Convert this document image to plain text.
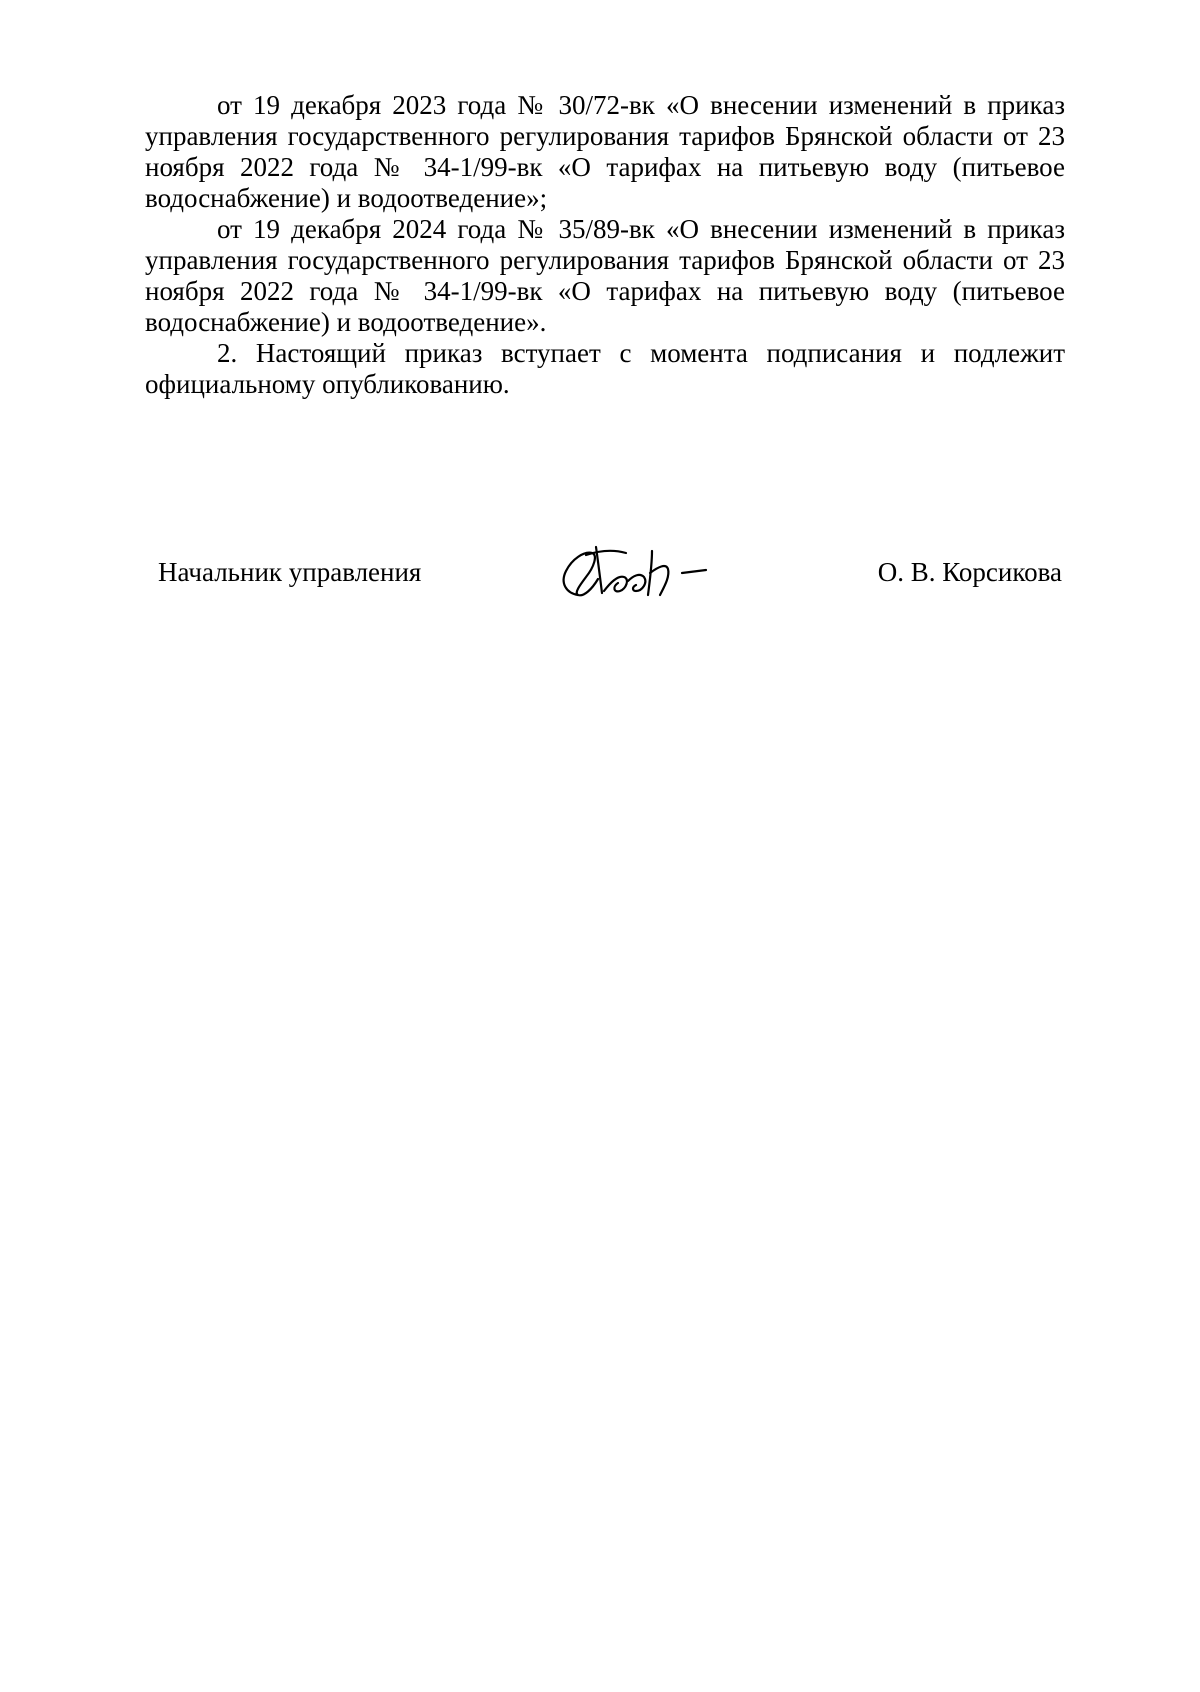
от 19 декабря 2023 года № 30/72-вк «О внесении изменений в приказ управления государственного регулирования тарифов Брянской области от 23 ноября 2022 года № 34-1/99-вк «О тарифах на питьевую воду (питьевое водоснабжение) и водоотведение»;

от 19 декабря 2024 года № 35/89-вк «О внесении изменений в приказ управления государственного регулирования тарифов Брянской области от 23 ноября 2022 года № 34-1/99-вк «О тарифах на питьевую воду (питьевое водоснабжение) и водоотведение».

2. Настоящий приказ вступает с момента подписания и подлежит официальному опубликованию.

Начальник управления	О. В. Корсикова
